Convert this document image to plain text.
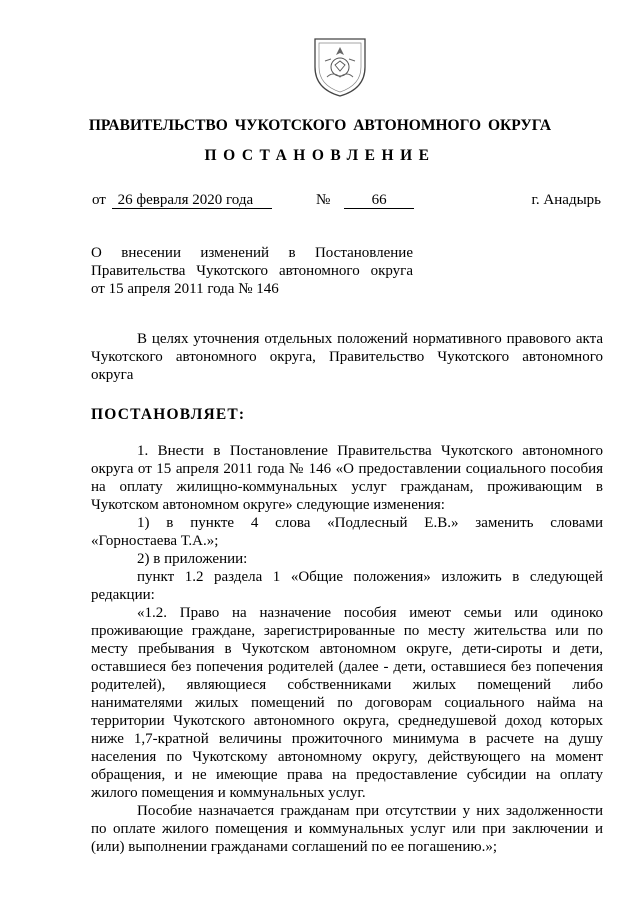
ПРАВИТЕЛЬСТВО ЧУКОТСКОГО АВТОНОМНОГО ОКРУГА
ПОСТАНОВЛЕНИЕ
от 26 февраля 2020 года	№	66	г. Анадырь
О внесении изменений в Постановление
Правительства Чукотского автономного округа
от 15 апреля 2011 года № 146
В целях уточнения отдельных положений нормативного правового акта
Чукотского автономного округа, Правительство Чукотского автономного
округа
ПОСТАНОВЛЯЕТ:
1. Внести в Постановление Правительства Чукотского автономного
округа от 15 апреля 2011 года № 146 «О предоставлении социального пособия
на оплату жилищно-коммунальных услуг гражданам, проживающим в
Чукотском автономном округе» следующие изменения:
1) в пункте 4 слова «Подлесный Е.В.» заменить словами
«Горностаева Т.А.»;
2) в приложении:
пункт 1.2 раздела 1 «Общие положения» изложить в следующей
редакции:
«1.2. Право на назначение пособия имеют семьи или одиноко
проживающие граждане, зарегистрированные по месту жительства или по
месту пребывания в Чукотском автономном округе, дети-сироты и дети,
оставшиеся без попечения родителей (далее - дети, оставшиеся без попечения
родителей), являющиеся собственниками жилых помещений либо
нанимателями жилых помещений по договорам социального найма на
территории Чукотского автономного округа, среднедушевой доход которых
ниже 1,7-кратной величины прожиточного минимума в расчете на душу
населения по Чукотскому автономному округу, действующего на момент
обращения, и не имеющие права на предоставление субсидии на оплату
жилого помещения и коммунальных услуг.
Пособие назначается гражданам при отсутствии у них задолженности
по оплате жилого помещения и коммунальных услуг или при заключении и
(или) выполнении гражданами соглашений по ее погашению.»;
